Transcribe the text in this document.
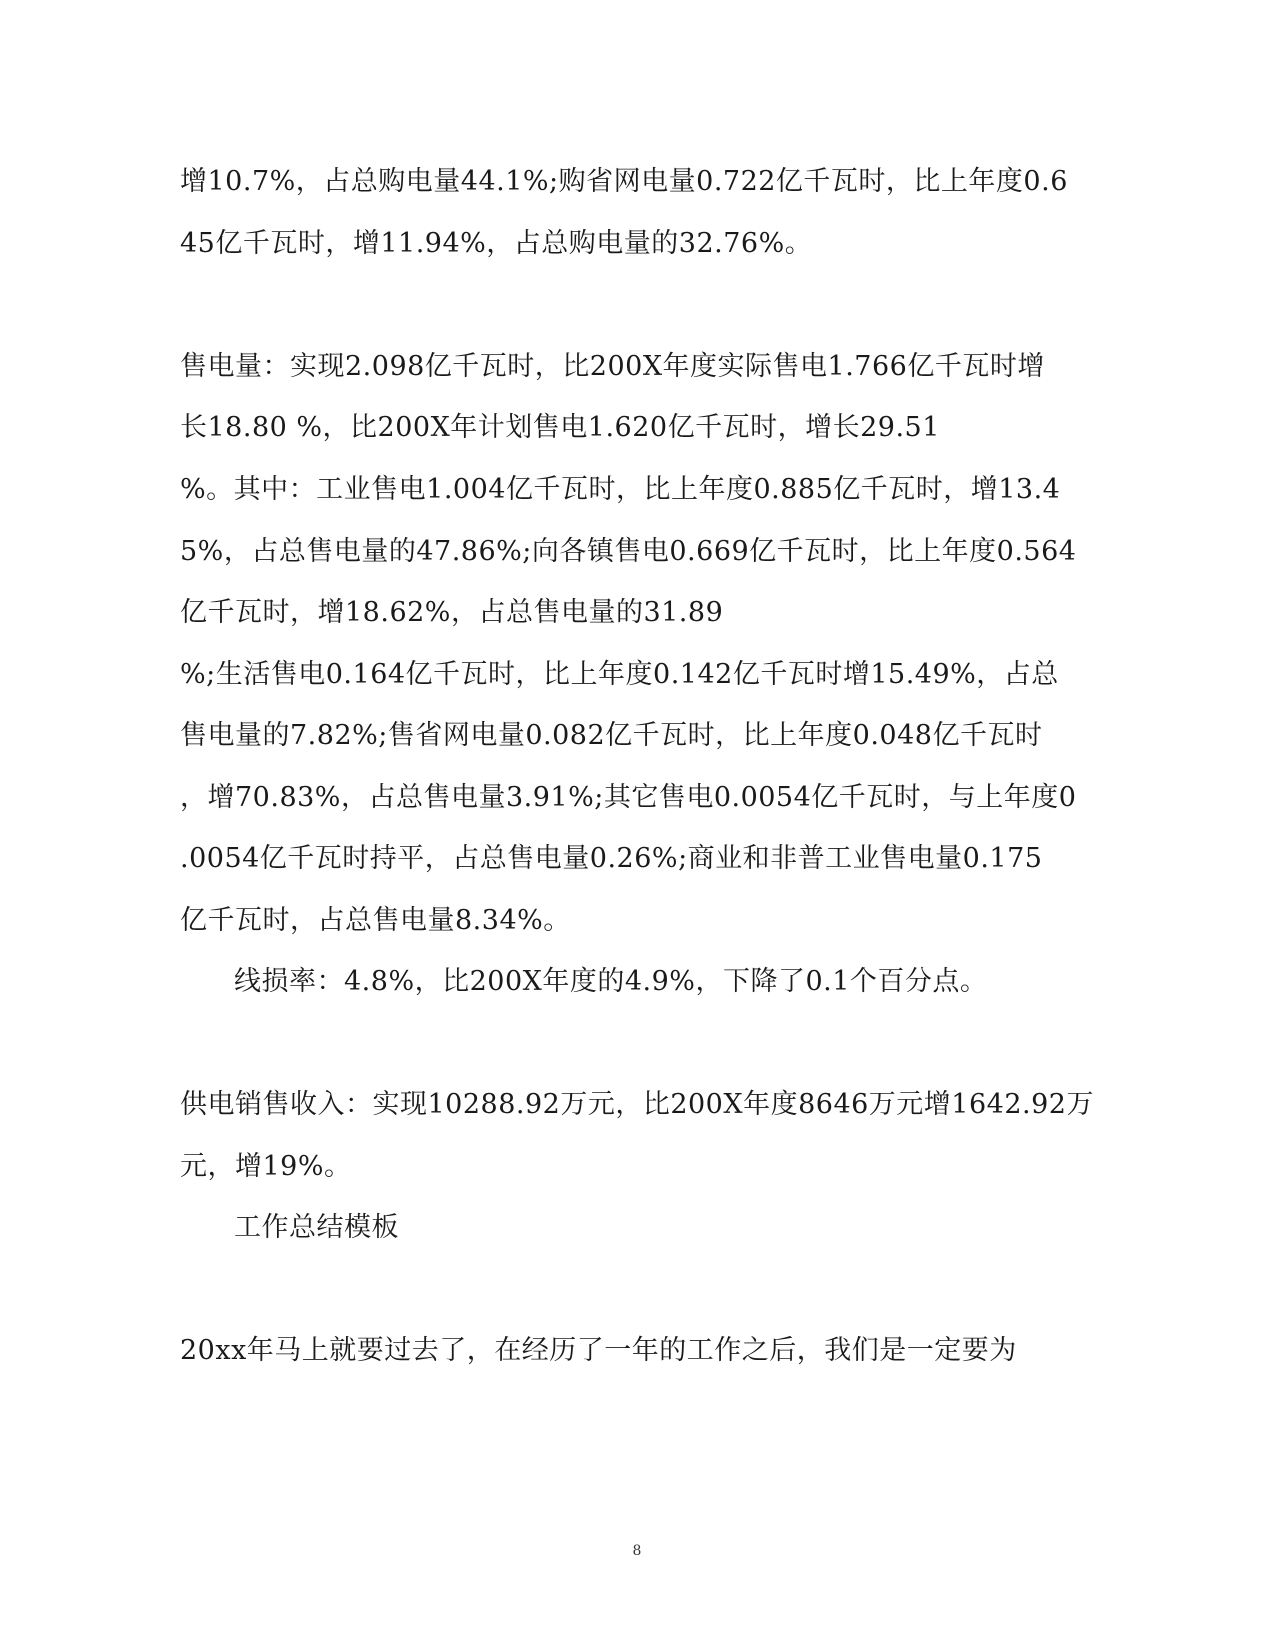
增10.7%，占总购电量44.1%;购省网电量0.722亿千瓦时，比上年度0.6
45亿千瓦时，增11.94%，占总购电量的32.76%。
售电量：实现2.098亿千瓦时，比200X年度实际售电1.766亿千瓦时增
长18.80 %，比200X年计划售电1.620亿千瓦时，增长29.51
%。其中：工业售电1.004亿千瓦时，比上年度0.885亿千瓦时，增13.4
5%，占总售电量的47.86%;向各镇售电0.669亿千瓦时，比上年度0.564
亿千瓦时，增18.62%，占总售电量的31.89
%;生活售电0.164亿千瓦时，比上年度0.142亿千瓦时增15.49%，占总
售电量的7.82%;售省网电量0.082亿千瓦时，比上年度0.048亿千瓦时
，增70.83%，占总售电量3.91%;其它售电0.0054亿千瓦时，与上年度0
.0054亿千瓦时持平，占总售电量0.26%;商业和非普工业售电量0.175
亿千瓦时，占总售电量8.34%。
线损率：4.8%，比200X年度的4.9%，下降了0.1个百分点。
供电销售收入：实现10288.92万元，比200X年度8646万元增1642.92万
元，增19%。
工作总结模板
20xx年马上就要过去了，在经历了一年的工作之后，我们是一定要为
8
